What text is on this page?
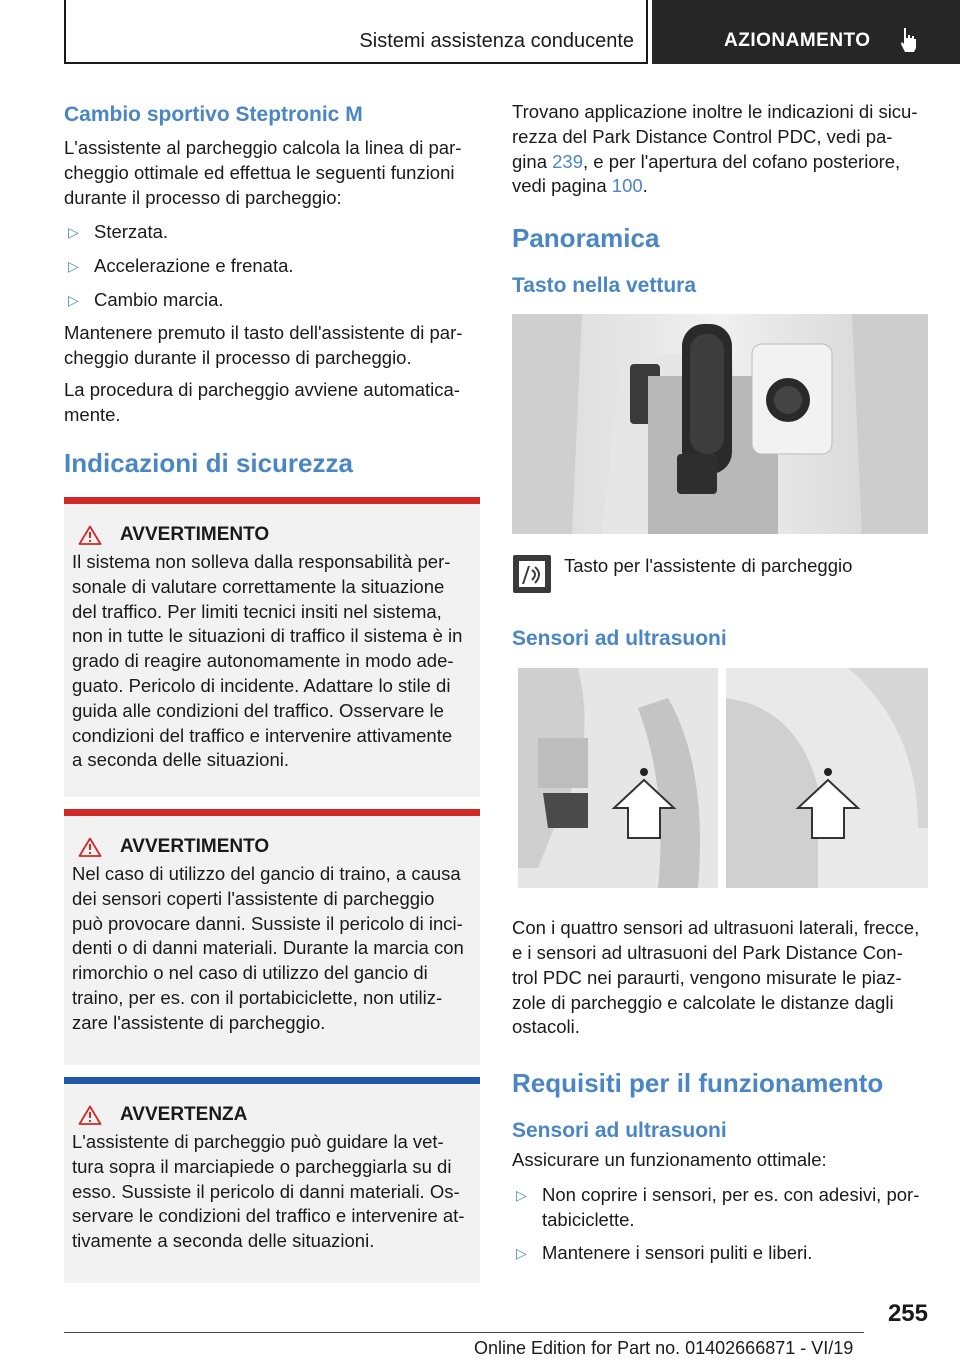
Sistemi assistenza conducente	AZIONAMENTO
Cambio sportivo Steptronic M
L'assistente al parcheggio calcola la linea di par-
cheggio ottimale ed effettua le seguenti funzioni
durante il processo di parcheggio:
▷ Sterzata.
▷ Accelerazione e frenata.
▷ Cambio marcia.
Mantenere premuto il tasto dell'assistente di par-
cheggio durante il processo di parcheggio.
La procedura di parcheggio avviene automatica-
mente.
Indicazioni di sicurezza
AVVERTIMENTO
Il sistema non solleva dalla responsabilità per-
sonale di valutare correttamente la situazione
del traffico. Per limiti tecnici insiti nel sistema,
non in tutte le situazioni di traffico il sistema è in
grado di reagire autonomamente in modo ade-
guato. Pericolo di incidente. Adattare lo stile di
guida alle condizioni del traffico. Osservare le
condizioni del traffico e intervenire attivamente
a seconda delle situazioni.
AVVERTIMENTO
Nel caso di utilizzo del gancio di traino, a causa
dei sensori coperti l'assistente di parcheggio
può provocare danni. Sussiste il pericolo di inci-
denti o di danni materiali. Durante la marcia con
rimorchio o nel caso di utilizzo del gancio di
traino, per es. con il portabiciclette, non utiliz-
zare l'assistente di parcheggio.
AVVERTENZA
L'assistente di parcheggio può guidare la vet-
tura sopra il marciapiede o parcheggiarla su di
esso. Sussiste il pericolo di danni materiali. Os-
servare le condizioni del traffico e intervenire at-
tivamente a seconda delle situazioni.
Trovano applicazione inoltre le indicazioni di sicu-
rezza del Park Distance Control PDC, vedi pa-
gina 239, e per l'apertura del cofano posteriore,
vedi pagina 100.
Panoramica
Tasto nella vettura
Tasto per l'assistente di parcheggio
Sensori ad ultrasuoni
Con i quattro sensori ad ultrasuoni laterali, frecce,
e i sensori ad ultrasuoni del Park Distance Con-
trol PDC nei paraurti, vengono misurate le piaz-
zole di parcheggio e calcolate le distanze dagli
ostacoli.
Requisiti per il funzionamento
Sensori ad ultrasuoni
Assicurare un funzionamento ottimale:
▷ Non coprire i sensori, per es. con adesivi, por-
tabiciclette.
▷ Mantenere i sensori puliti e liberi.
255
Online Edition for Part no. 01402666871 - VI/19
